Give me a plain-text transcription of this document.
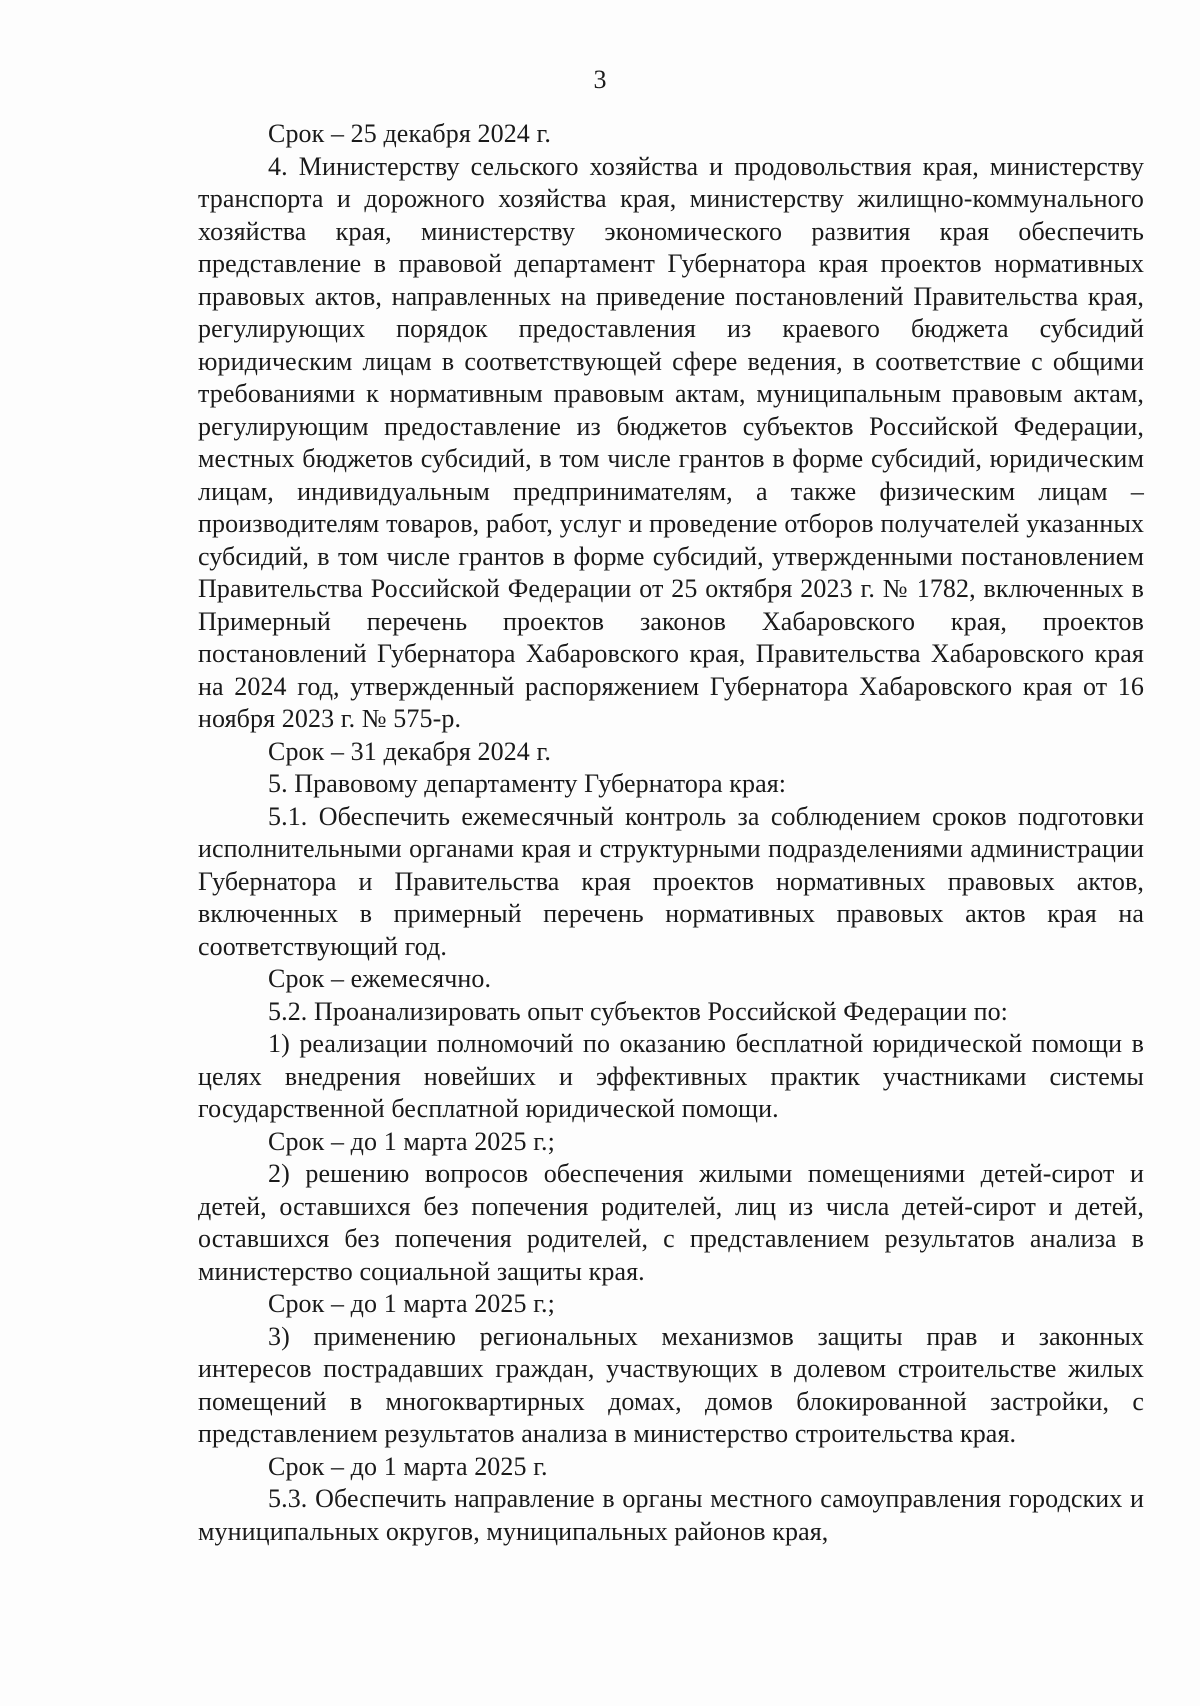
3

Срок – 25 декабря 2024 г.

4. Министерству сельского хозяйства и продовольствия края, министерству транспорта и дорожного хозяйства края, министерству жилищно-коммунального хозяйства края, министерству экономического развития края обеспечить представление в правовой департамент Губернатора края проектов нормативных правовых актов, направленных на приведение постановлений Правительства края, регулирующих порядок предоставления из краевого бюджета субсидий юридическим лицам в соответствующей сфере ведения, в соответствие с общими требованиями к нормативным правовым актам, муниципальным правовым актам, регулирующим предоставление из бюджетов субъектов Российской Федерации, местных бюджетов субсидий, в том числе грантов в форме субсидий, юридическим лицам, индивидуальным предпринимателям, а также физическим лицам – производителям товаров, работ, услуг и проведение отборов получателей указанных субсидий, в том числе грантов в форме субсидий, утвержденными постановлением Правительства Российской Федерации от 25 октября 2023 г. № 1782, включенных в Примерный перечень проектов законов Хабаровского края, проектов постановлений Губернатора Хабаровского края, Правительства Хабаровского края на 2024 год, утвержденный распоряжением Губернатора Хабаровского края от 16 ноября 2023 г. № 575-р.

Срок – 31 декабря 2024 г.

5. Правовому департаменту Губернатора края:

5.1. Обеспечить ежемесячный контроль за соблюдением сроков подготовки исполнительными органами края и структурными подразделениями администрации Губернатора и Правительства края проектов нормативных правовых актов, включенных в примерный перечень нормативных правовых актов края на соответствующий год.

Срок – ежемесячно.

5.2. Проанализировать опыт субъектов Российской Федерации по:

1) реализации полномочий по оказанию бесплатной юридической помощи в целях внедрения новейших и эффективных практик участниками системы государственной бесплатной юридической помощи.

Срок – до 1 марта 2025 г.;

2) решению вопросов обеспечения жилыми помещениями детей-сирот и детей, оставшихся без попечения родителей, лиц из числа детей-сирот и детей, оставшихся без попечения родителей, с представлением результатов анализа в министерство социальной защиты края.

Срок – до 1 марта 2025 г.;

3) применению региональных механизмов защиты прав и законных интересов пострадавших граждан, участвующих в долевом строительстве жилых помещений в многоквартирных домах, домов блокированной застройки, с представлением результатов анализа в министерство строительства края.

Срок – до 1 марта 2025 г.

5.3. Обеспечить направление в органы местного самоуправления городских и муниципальных округов, муниципальных районов края,
